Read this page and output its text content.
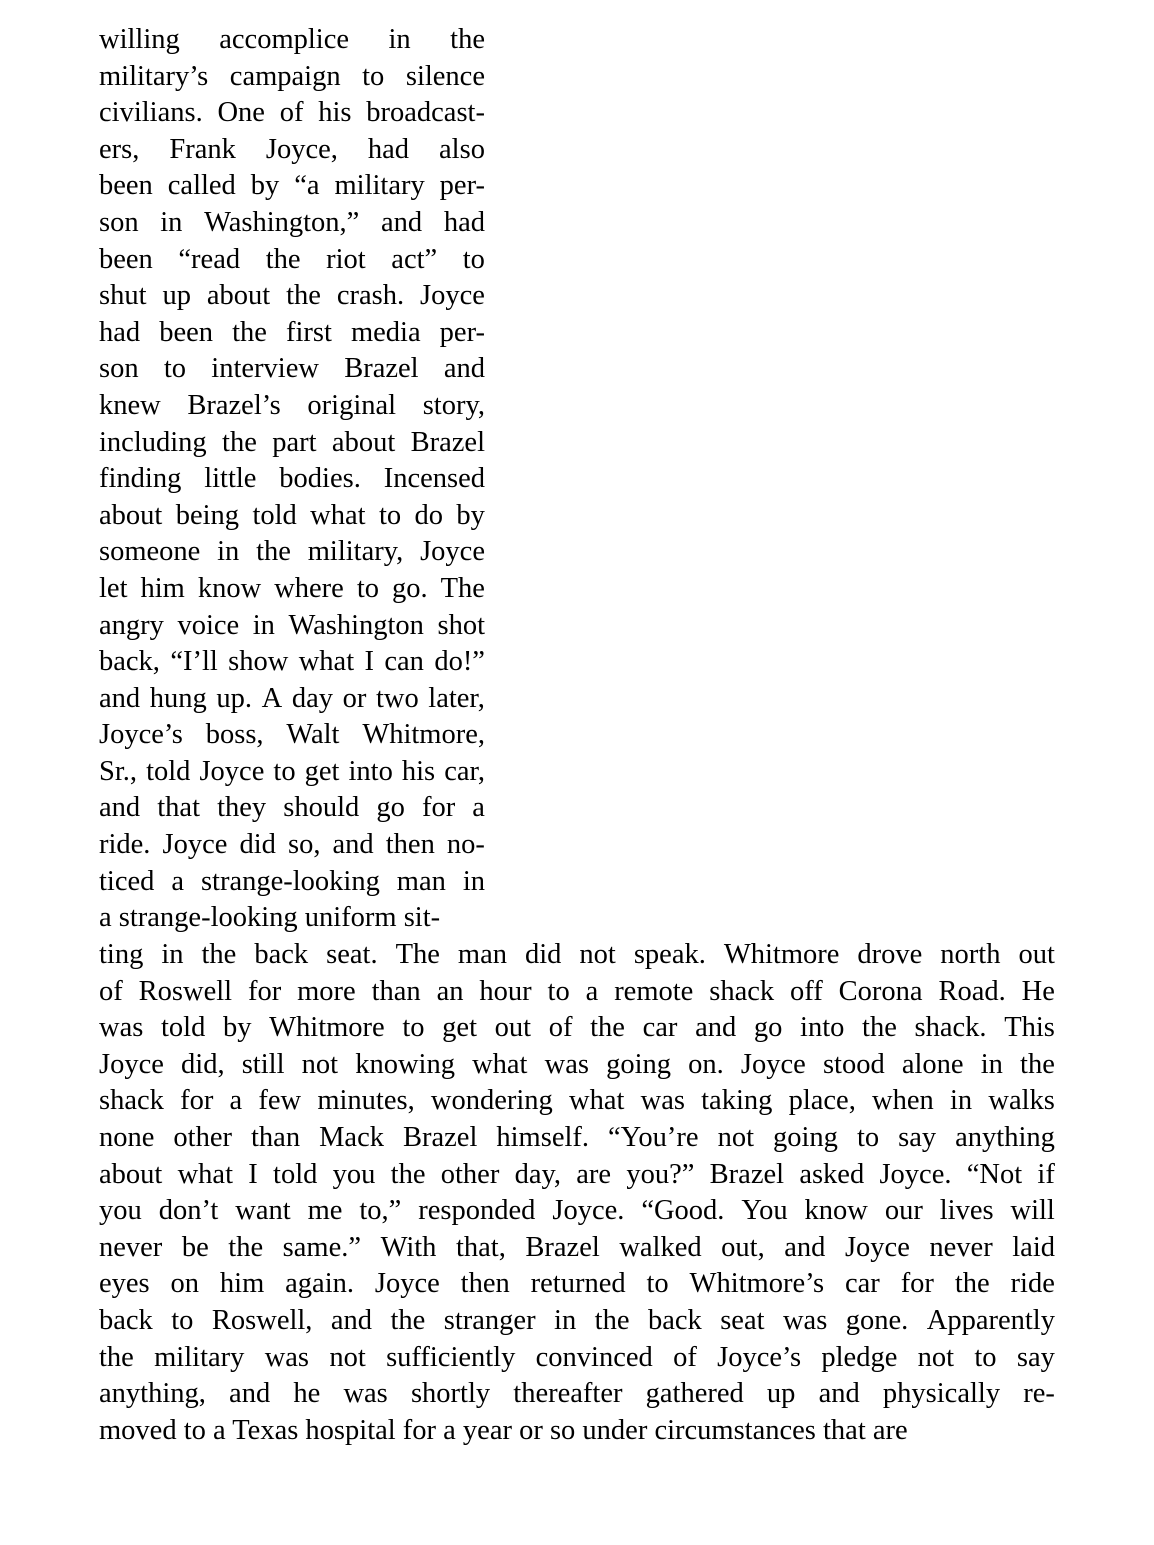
willing accomplice in the
military’s campaign to silence
civilians. One of his broadcast-
ers, Frank Joyce, had also
been called by “a military per-
son in Washington,” and had
been “read the riot act” to
shut up about the crash. Joyce
had been the first media per-
son to interview Brazel and
knew Brazel’s original story,
including the part about Brazel
finding little bodies. Incensed
about being told what to do by
someone in the military, Joyce
let him know where to go. The
angry voice in Washington shot
back, “I’ll show what I can do!”
and hung up. A day or two later,
Joyce’s boss, Walt Whitmore,
Sr., told Joyce to get into his car,
and that they should go for a
ride. Joyce did so, and then no-
ticed a strange-looking man in
a strange-looking uniform sit-
ting in the back seat. The man did not speak. Whitmore drove north out
of Roswell for more than an hour to a remote shack off Corona Road. He
was told by Whitmore to get out of the car and go into the shack. This
Joyce did, still not knowing what was going on. Joyce stood alone in the
shack for a few minutes, wondering what was taking place, when in walks
none other than Mack Brazel himself. “You’re not going to say anything
about what I told you the other day, are you?” Brazel asked Joyce. “Not if
you don’t want me to,” responded Joyce. “Good. You know our lives will
never be the same.” With that, Brazel walked out, and Joyce never laid
eyes on him again. Joyce then returned to Whitmore’s car for the ride
back to Roswell, and the stranger in the back seat was gone. Apparently
the military was not sufficiently convinced of Joyce’s pledge not to say
anything, and he was shortly thereafter gathered up and physically re-
moved to a Texas hospital for a year or so under circumstances that are
